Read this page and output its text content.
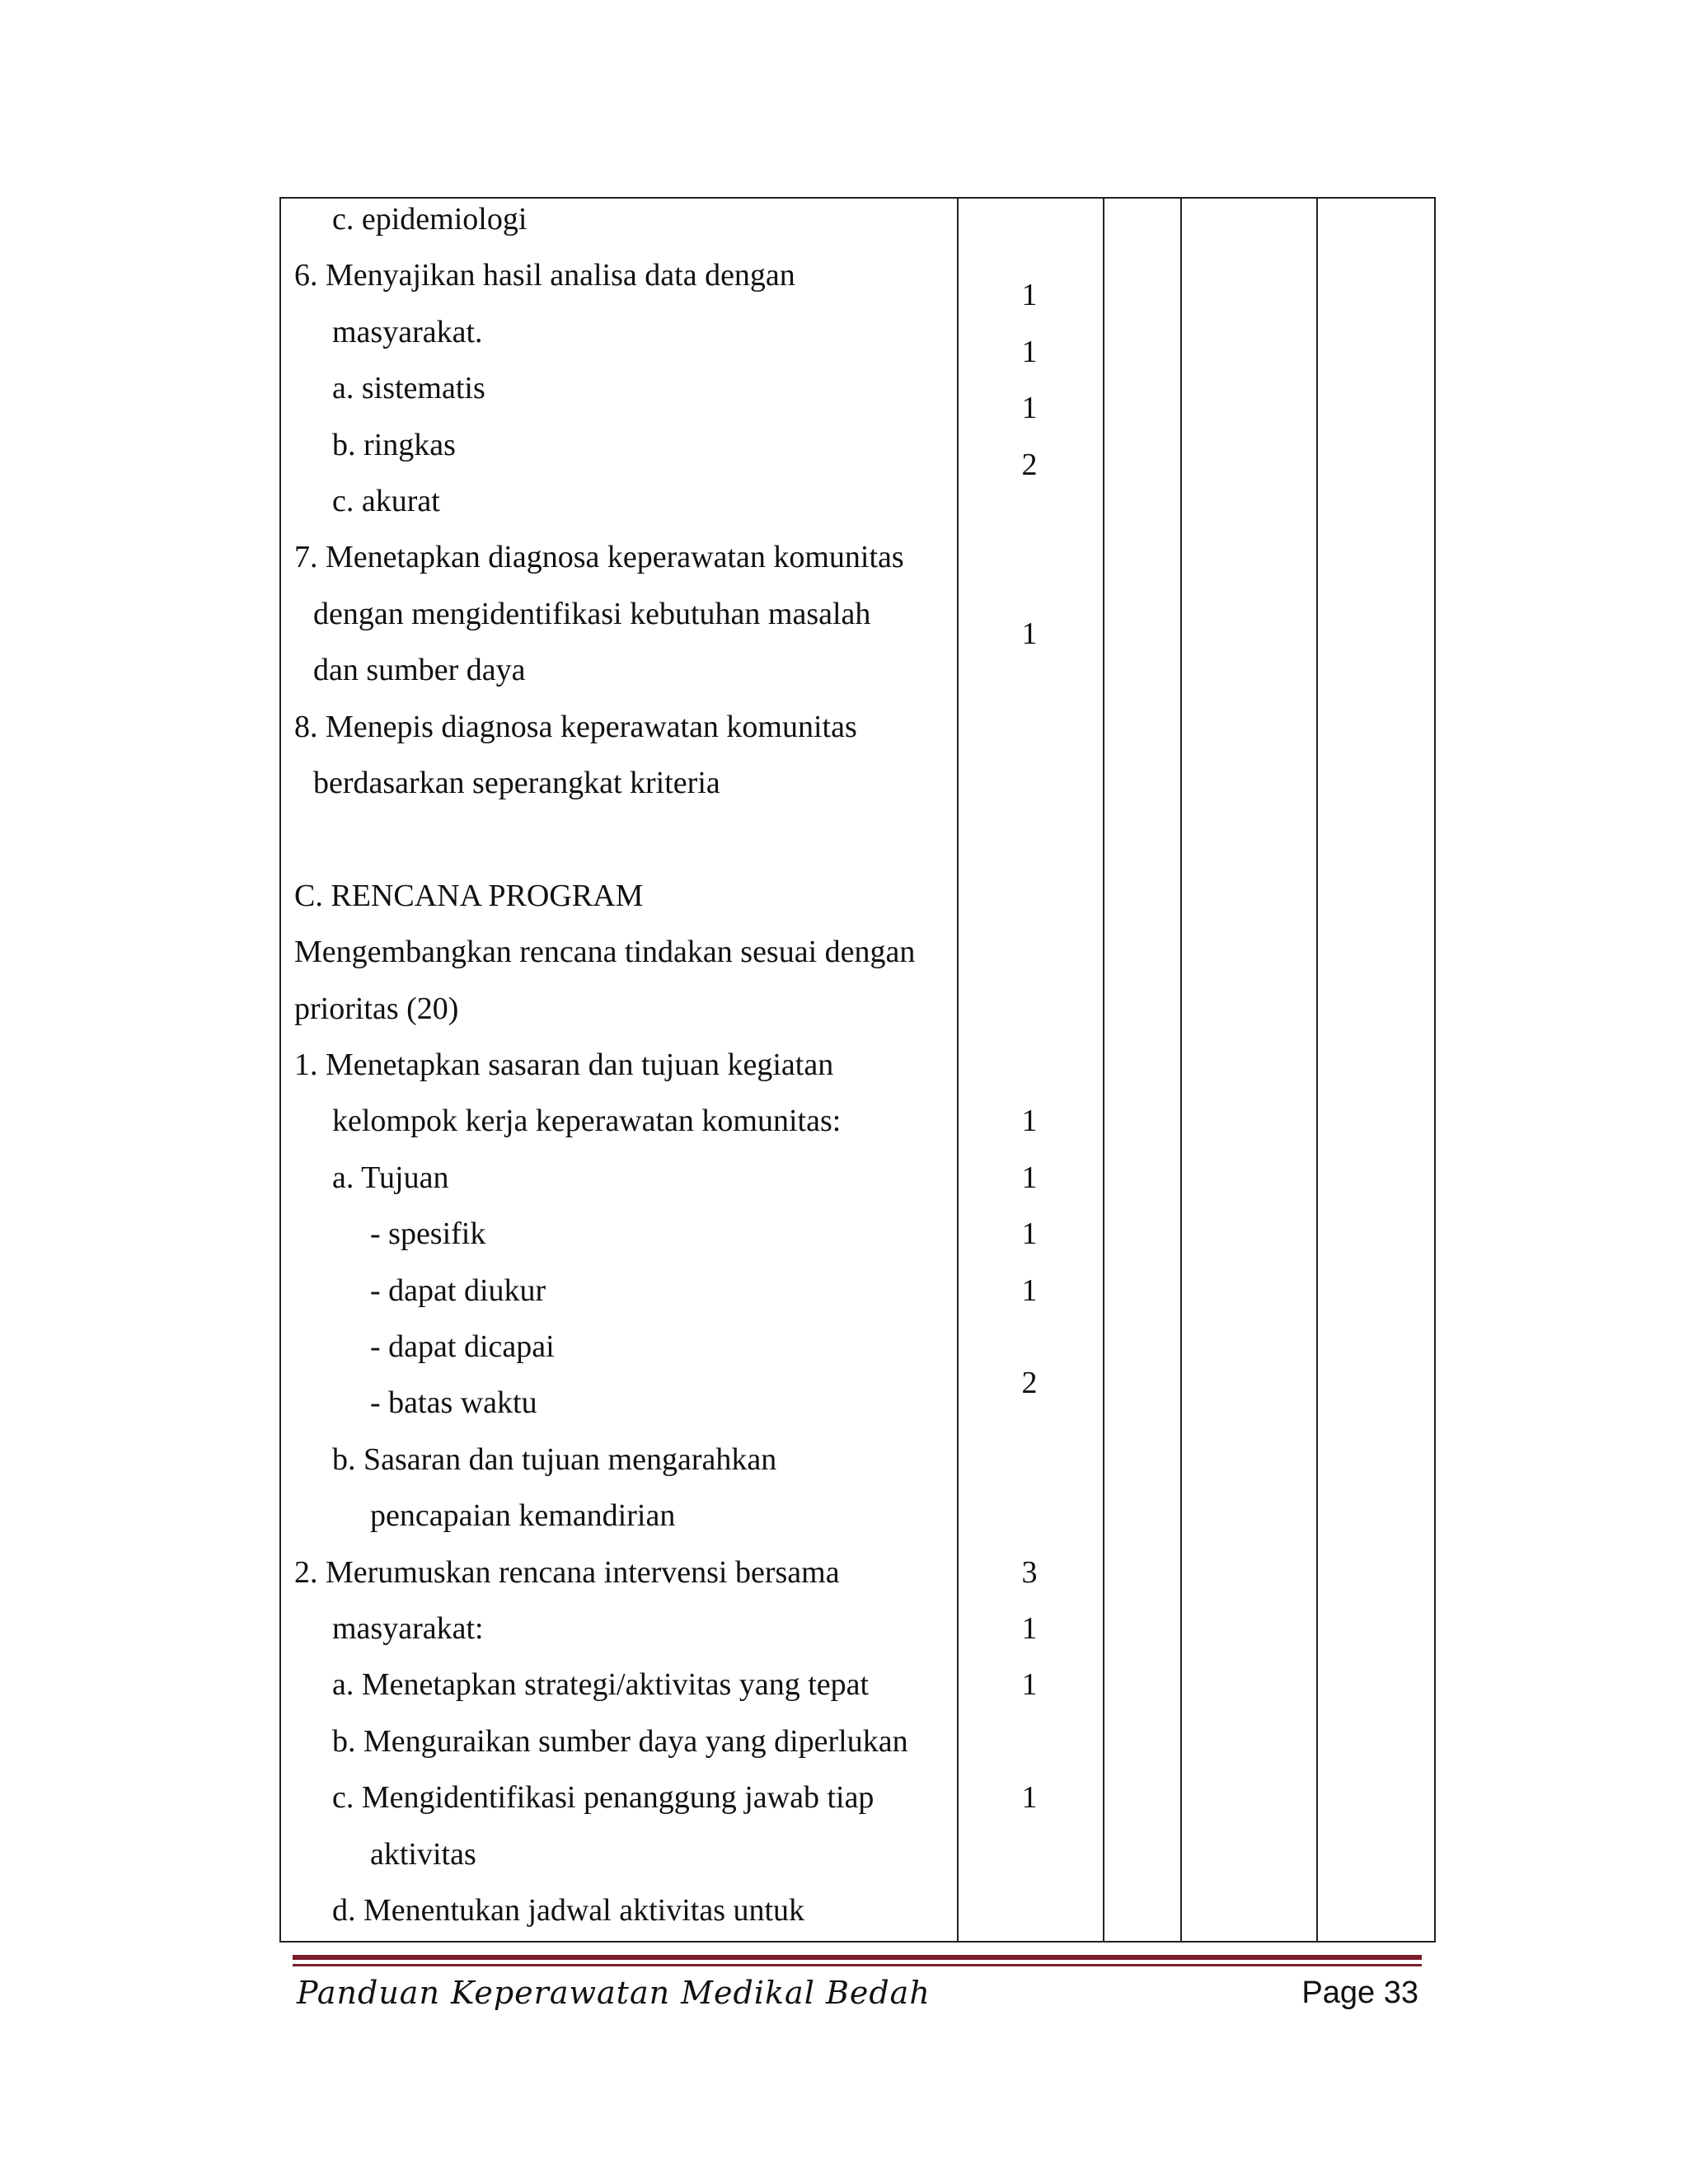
c. epidemiologi
6. Menyajikan hasil analisa data dengan
masyarakat.
a. sistematis
b. ringkas
c. akurat
7. Menetapkan diagnosa keperawatan komunitas
dengan mengidentifikasi kebutuhan masalah
dan sumber daya
8. Menepis diagnosa keperawatan komunitas
berdasarkan seperangkat kriteria
C. RENCANA PROGRAM
Mengembangkan rencana tindakan sesuai dengan
prioritas (20)
1. Menetapkan sasaran dan tujuan kegiatan
kelompok kerja keperawatan komunitas:
a. Tujuan
- spesifik
- dapat diukur
- dapat dicapai
- batas waktu
b. Sasaran dan tujuan mengarahkan
pencapaian kemandirian
2. Merumuskan rencana intervensi bersama
masyarakat:
a. Menetapkan strategi/aktivitas yang tepat
b. Menguraikan sumber daya yang diperlukan
c. Mengidentifikasi penanggung jawab tiap
aktivitas
d. Menentukan jadwal aktivitas untuk
1
1
1
2
1
1
1
1
1
2
3
1
1
1
Panduan Keperawatan Medikal Bedah	Page 33
